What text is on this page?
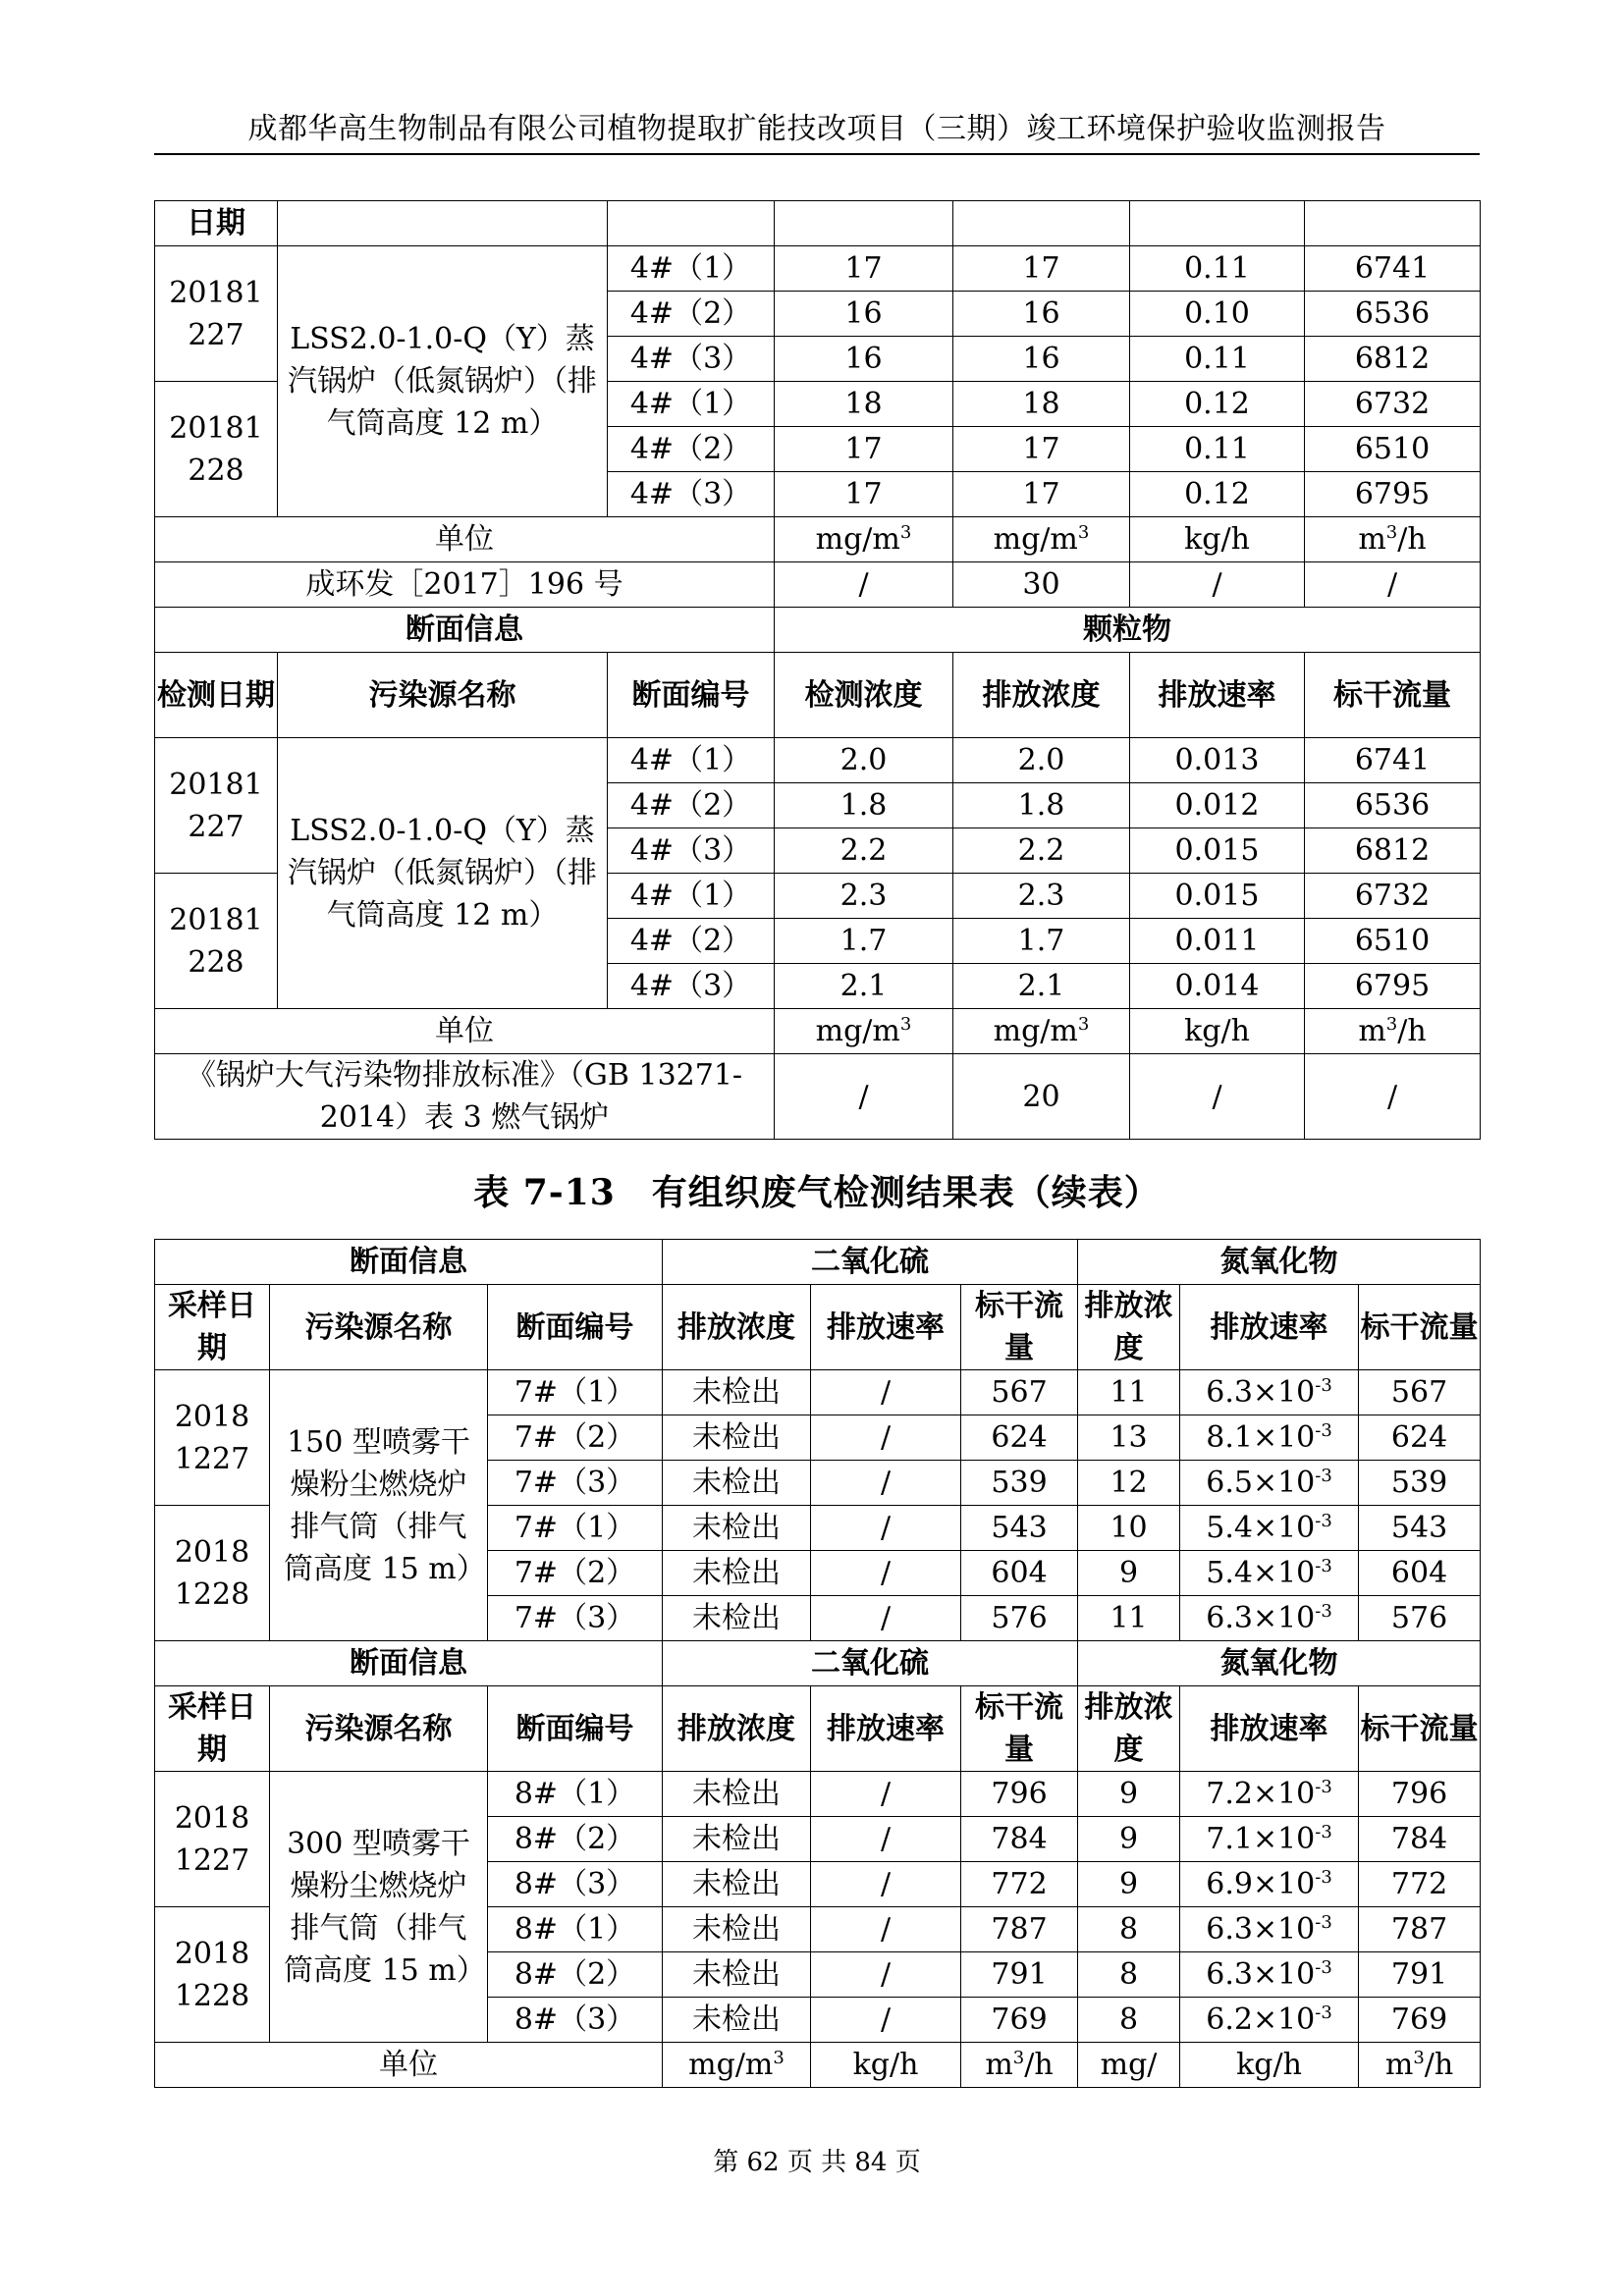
成都华高生物制品有限公司植物提取扩能技改项目（三期）竣工环境保护验收监测报告
日期						

20181
227	LSS2.0-1.0-Q（Y）蒸汽锅炉（低氮锅炉）（排气筒高度 12 m）	4#（1）	17	17	0.11	6741
		4#（2）	16	16	0.10	6536
		4#（3）	16	16	0.11	6812

20181
228		4#（1）	18	18	0.12	6732
		4#（2）	17	17	0.11	6510
		4#（3）	17	17	0.12	6795
单位			$mg/m^3$	$mg/m^3$	kg/h	$m^3/h$
成环发［2017］196 号			/	30	/	/
断面信息			颗粒物			
检测日期	污染源名称	断面编号	检测浓度	排放浓度	排放速率	标干流量

20181
227	LSS2.0-1.0-Q（Y）蒸汽锅炉（低氮锅炉）（排气筒高度 12 m）	4#（1）	2.0	2.0	0.013	6741
		4#（2）	1.8	1.8	0.012	6536
		4#（3）	2.2	2.2	0.015	6812

20181
228		4#（1）	2.3	2.3	0.015	6732
		4#（2）	1.7	1.7	0.011	6510
		4#（3）	2.1	2.1	0.014	6795
单位			$mg/m^3$	$mg/m^3$	kg/h	$m^3/h$
《锅炉大气污染物排放标准》（GB 13271-2014）表 3 燃气锅炉			/	20	/	/
表 7-13　有组织废气检测结果表（续表）
断面信息			二氧化硫			氮氧化物		
采样日期	污染源名称	断面编号	排放浓度	排放速率	标干流量	排放浓度	排放速率	标干流量

2018
1227	150 型喷雾干燥粉尘燃烧炉排气筒（排气筒高度 15 m）	7#（1）	未检出	/	567	11	$6.3\times 10^{-3}$	567
		7#（2）	未检出	/	624	13	$8.1\times 10^{-3}$	624
		7#（3）	未检出	/	539	12	$6.5\times 10^{-3}$	539

2018
1228		7#（1）	未检出	/	543	10	$5.4\times 10^{-3}$	543
		7#（2）	未检出	/	604	9	$5.4\times 10^{-3}$	604
		7#（3）	未检出	/	576	11	$6.3\times 10^{-3}$	576
断面信息			二氧化硫			氮氧化物		
采样日期	污染源名称	断面编号	排放浓度	排放速率	标干流量	排放浓度	排放速率	标干流量

2018
1227	300 型喷雾干燥粉尘燃烧炉排气筒（排气筒高度 15 m）	8#（1）	未检出	/	796	9	$7.2\times 10^{-3}$	796
		8#（2）	未检出	/	784	9	$7.1\times 10^{-3}$	784
		8#（3）	未检出	/	772	9	$6.9\times 10^{-3}$	772

2018
1228		8#（1）	未检出	/	787	8	$6.3\times 10^{-3}$	787
		8#（2）	未检出	/	791	8	$6.3\times 10^{-3}$	791
		8#（3）	未检出	/	769	8	$6.2\times 10^{-3}$	769
单位			$mg/m^3$	kg/h	$m^3/h$	mg/	kg/h	$m^3/h$
第 62 页 共 84 页
